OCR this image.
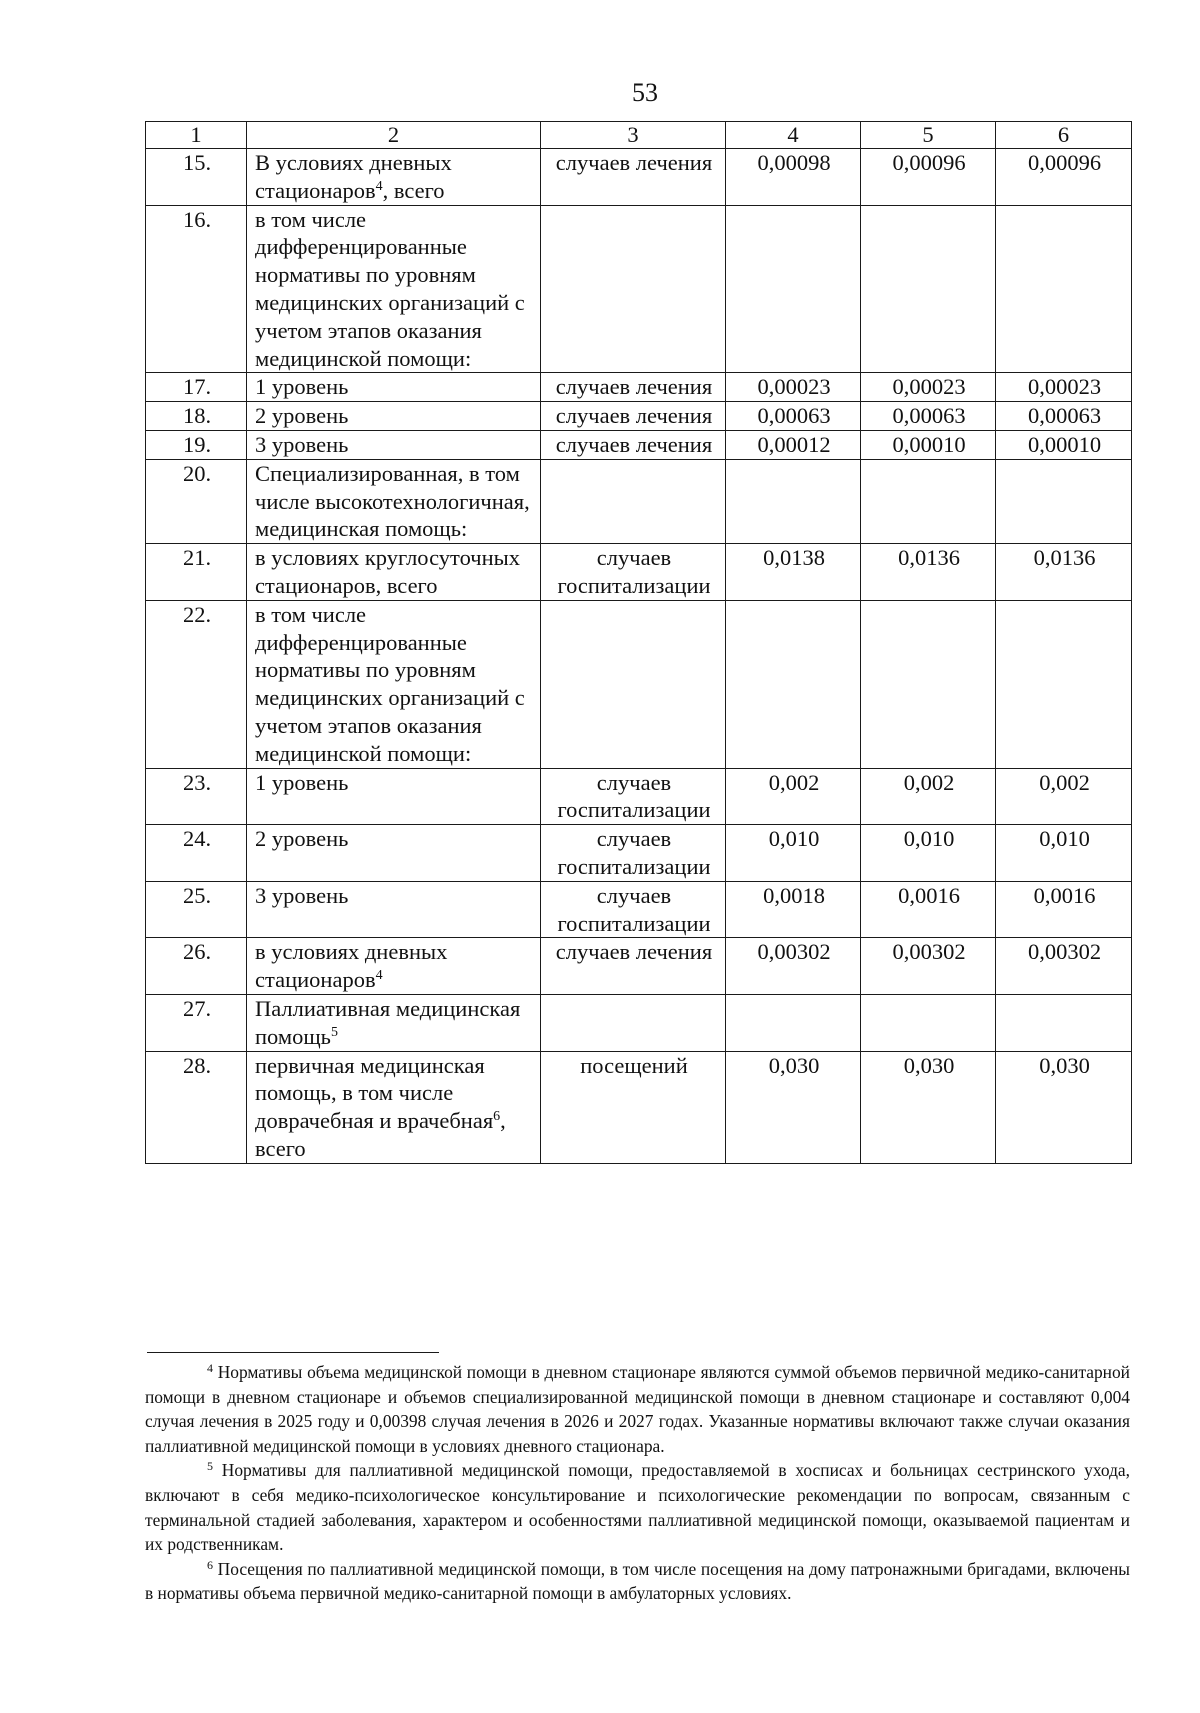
53
1	2	3	4	5	6
15.	В условиях дневных стационаров$^4$, всего	случаев лечения	0,00098	0,00096	0,00096
16.	в том числе дифференцированные нормативы по уровням медицинских организаций с учетом этапов оказания медицинской помощи:				
17.	1 уровень	случаев лечения	0,00023	0,00023	0,00023
18.	2 уровень	случаев лечения	0,00063	0,00063	0,00063
19.	3 уровень	случаев лечения	0,00012	0,00010	0,00010
20.	Специализированная, в том числе высокотехнологичная, медицинская помощь:				
21.	в условиях круглосуточных стационаров, всего	случаев госпитализации	0,0138	0,0136	0,0136
22.	в том числе дифференцированные нормативы по уровням медицинских организаций с учетом этапов оказания медицинской помощи:				
23.	1 уровень	случаев госпитализации	0,002	0,002	0,002
24.	2 уровень	случаев госпитализации	0,010	0,010	0,010
25.	3 уровень	случаев госпитализации	0,0018	0,0016	0,0016
26.	в условиях дневных стационаров$^4$	случаев лечения	0,00302	0,00302	0,00302
27.	Паллиативная медицинская помощь$^5$				
28.	первичная медицинская помощь, в том числе доврачебная и врачебная$^6$, всего	посещений	0,030	0,030	0,030

$^4$ Нормативы объема медицинской помощи в дневном стационаре являются суммой объемов первичной медико-санитарной помощи в дневном стационаре и объемов специализированной медицинской помощи в дневном стационаре и составляют 0,004 случая лечения в 2025 году и 0,00398 случая лечения в 2026 и 2027 годах. Указанные нормативы включают также случаи оказания паллиативной медицинской помощи в условиях дневного стационара.

$^5$ Нормативы для паллиативной медицинской помощи, предоставляемой в хосписах и больницах сестринского ухода, включают в себя медико-психологическое консультирование и психологические рекомендации по вопросам, связанным с терминальной стадией заболевания, характером и особенностями паллиативной медицинской помощи, оказываемой пациентам и их родственникам.

$^6$ Посещения по паллиативной медицинской помощи, в том числе посещения на дому патронажными бригадами, включены в нормативы объема первичной медико-санитарной помощи в амбулаторных условиях.
